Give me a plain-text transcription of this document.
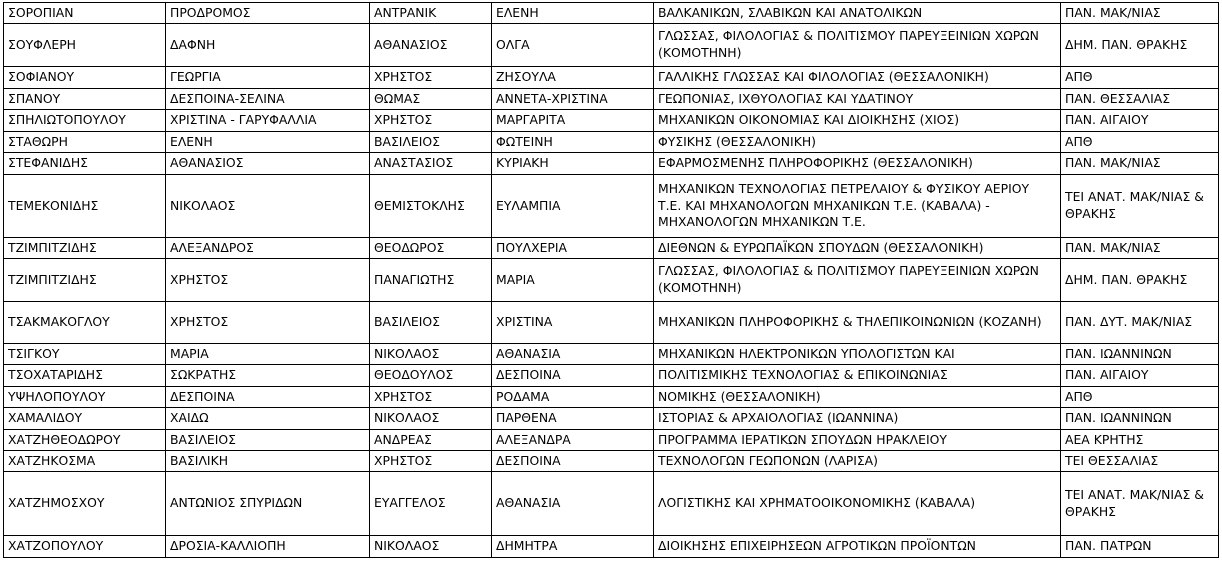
ΣΟΡΟΠΙΑΝ	ΠΡΟΔΡΟΜΟΣ	ΑΝΤΡΑΝΙΚ	ΕΛΕΝΗ	ΒΑΛΚΑΝΙΚΩΝ, ΣΛΑΒΙΚΩΝ ΚΑΙ ΑΝΑΤΟΛΙΚΩΝ	ΠΑΝ. ΜΑΚ/ΝΙΑΣ
ΣΟΥΦΛΕΡΗ	ΔΑΦΝΗ	ΑΘΑΝΑΣΙΟΣ	ΟΛΓΑ	ΓΛΩΣΣΑΣ, ΦΙΛΟΛΟΓΙΑΣ & ΠΟΛΙΤΙΣΜΟΥ ΠΑΡΕΥΞΕΙΝΙΩΝ ΧΩΡΩΝ (ΚΟΜΟΤΗΝΗ)	ΔΗΜ. ΠΑΝ. ΘΡΑΚΗΣ
ΣΟΦΙΑΝΟΥ	ΓΕΩΡΓΙΑ	ΧΡΗΣΤΟΣ	ΖΗΣΟΥΛΑ	ΓΑΛΛΙΚΗΣ ΓΛΩΣΣΑΣ ΚΑΙ ΦΙΛΟΛΟΓΙΑΣ (ΘΕΣΣΑΛΟΝΙΚΗ)	ΑΠΘ
ΣΠΑΝΟΥ	ΔΕΣΠΟΙΝΑ-ΣΕΛΙΝΑ	ΘΩΜΑΣ	ΑΝΝΕΤΑ-ΧΡΙΣΤΙΝΑ	ΓΕΩΠΟΝΙΑΣ, ΙΧΘΥΟΛΟΓΙΑΣ ΚΑΙ ΥΔΑΤΙΝΟΥ	ΠΑΝ. ΘΕΣΣΑΛΙΑΣ
ΣΠΗΛΙΩΤΟΠΟΥΛΟΥ	ΧΡΙΣΤΙΝΑ - ΓΑΡΥΦΑΛΛΙΑ	ΧΡΗΣΤΟΣ	ΜΑΡΓΑΡΙΤΑ	ΜΗΧΑΝΙΚΩΝ ΟΙΚΟΝΟΜΙΑΣ ΚΑΙ ΔΙΟΙΚΗΣΗΣ (ΧΙΟΣ)	ΠΑΝ. ΑΙΓΑΙΟΥ
ΣΤΑΘΩΡΗ	ΕΛΕΝΗ	ΒΑΣΙΛΕΙΟΣ	ΦΩΤΕΙΝΗ	ΦΥΣΙΚΗΣ (ΘΕΣΣΑΛΟΝΙΚΗ)	ΑΠΘ
ΣΤΕΦΑΝΙΔΗΣ	ΑΘΑΝΑΣΙΟΣ	ΑΝΑΣΤΑΣΙΟΣ	ΚΥΡΙΑΚΗ	ΕΦΑΡΜΟΣΜΕΝΗΣ ΠΛΗΡΟΦΟΡΙΚΗΣ (ΘΕΣΣΑΛΟΝΙΚΗ)	ΠΑΝ. ΜΑΚ/ΝΙΑΣ
ΤΕΜΕΚΟΝΙΔΗΣ	ΝΙΚΟΛΑΟΣ	ΘΕΜΙΣΤΟΚΛΗΣ	ΕΥΛΑΜΠΙΑ	ΜΗΧΑΝΙΚΩΝ ΤΕΧΝΟΛΟΓΙΑΣ ΠΕΤΡΕΛΑΙΟΥ & ΦΥΣΙΚΟΥ ΑΕΡΙΟΥ Τ.Ε. ΚΑΙ ΜΗΧΑΝΟΛΟΓΩΝ ΜΗΧΑΝΙΚΩΝ Τ.Ε. (ΚΑΒΑΛΑ) - ΜΗΧΑΝΟΛΟΓΩΝ ΜΗΧΑΝΙΚΩΝ Τ.Ε.	ΤΕΙ ΑΝΑΤ. ΜΑΚ/ΝΙΑΣ & ΘΡΑΚΗΣ
ΤΖΙΜΠΙΤΖΙΔΗΣ	ΑΛΕΞΑΝΔΡΟΣ	ΘΕΟΔΩΡΟΣ	ΠΟΥΛΧΕΡΙΑ	ΔΙΕΘΝΩΝ & ΕΥΡΩΠΑΪΚΩΝ ΣΠΟΥΔΩΝ (ΘΕΣΣΑΛΟΝΙΚΗ)	ΠΑΝ. ΜΑΚ/ΝΙΑΣ
ΤΖΙΜΠΙΤΖΙΔΗΣ	ΧΡΗΣΤΟΣ	ΠΑΝΑΓΙΩΤΗΣ	ΜΑΡΙΑ	ΓΛΩΣΣΑΣ, ΦΙΛΟΛΟΓΙΑΣ & ΠΟΛΙΤΙΣΜΟΥ ΠΑΡΕΥΞΕΙΝΙΩΝ ΧΩΡΩΝ (ΚΟΜΟΤΗΝΗ)	ΔΗΜ. ΠΑΝ. ΘΡΑΚΗΣ
ΤΣΑΚΜΑΚΟΓΛΟΥ	ΧΡΗΣΤΟΣ	ΒΑΣΙΛΕΙΟΣ	ΧΡΙΣΤΙΝΑ	ΜΗΧΑΝΙΚΩΝ ΠΛΗΡΟΦΟΡΙΚΗΣ & ΤΗΛΕΠΙΚΟΙΝΩΝΙΩΝ (ΚΟΖΑΝΗ)	ΠΑΝ. ΔΥΤ. ΜΑΚ/ΝΙΑΣ
ΤΣΙΓΚΟΥ	ΜΑΡΙΑ	ΝΙΚΟΛΑΟΣ	ΑΘΑΝΑΣΙΑ	ΜΗΧΑΝΙΚΩΝ ΗΛΕΚΤΡΟΝΙΚΩΝ ΥΠΟΛΟΓΙΣΤΩΝ ΚΑΙ	ΠΑΝ. ΙΩΑΝΝΙΝΩΝ
ΤΣΟΧΑΤΑΡΙΔΗΣ	ΣΩΚΡΑΤΗΣ	ΘΕΟΔΟΥΛΟΣ	ΔΕΣΠΟΙΝΑ	ΠΟΛΙΤΙΣΜΙΚΗΣ ΤΕΧΝΟΛΟΓΙΑΣ & ΕΠΙΚΟΙΝΩΝΙΑΣ	ΠΑΝ. ΑΙΓΑΙΟΥ
ΥΨΗΛΟΠΟΥΛΟΥ	ΔΕΣΠΟΙΝΑ	ΧΡΗΣΤΟΣ	ΡΟΔΑΜΑ	ΝΟΜΙΚΗΣ (ΘΕΣΣΑΛΟΝΙΚΗ)	ΑΠΘ
ΧΑΜΑΛΙΔΟΥ	ΧΑΙΔΩ	ΝΙΚΟΛΑΟΣ	ΠΑΡΘΕΝΑ	ΙΣΤΟΡΙΑΣ & ΑΡΧΑΙΟΛΟΓΙΑΣ (ΙΩΑΝΝΙΝΑ)	ΠΑΝ. ΙΩΑΝΝΙΝΩΝ
ΧΑΤΖΗΘΕΟΔΩΡΟΥ	ΒΑΣΙΛΕΙΟΣ	ΑΝΔΡΕΑΣ	ΑΛΕΞΑΝΔΡΑ	ΠΡΟΓΡΑΜΜΑ ΙΕΡΑΤΙΚΩΝ ΣΠΟΥΔΩΝ ΗΡΑΚΛΕΙΟΥ	ΑΕΑ ΚΡΗΤΗΣ
ΧΑΤΖΗΚΟΣΜΑ	ΒΑΣΙΛΙΚΗ	ΧΡΗΣΤΟΣ	ΔΕΣΠΟΙΝΑ	ΤΕΧΝΟΛΟΓΩΝ ΓΕΩΠΟΝΩΝ (ΛΑΡΙΣΑ)	ΤΕΙ ΘΕΣΣΑΛΙΑΣ
ΧΑΤΖΗΜΟΣΧΟΥ	ΑΝΤΩΝΙΟΣ ΣΠΥΡΙΔΩΝ	ΕΥΑΓΓΕΛΟΣ	ΑΘΑΝΑΣΙΑ	ΛΟΓΙΣΤΙΚΗΣ ΚΑΙ ΧΡΗΜΑΤΟΟΙΚΟΝΟΜΙΚΗΣ (ΚΑΒΑΛΑ)	ΤΕΙ ΑΝΑΤ. ΜΑΚ/ΝΙΑΣ & ΘΡΑΚΗΣ
ΧΑΤΖΟΠΟΥΛΟΥ	ΔΡΟΣΙΑ-ΚΑΛΛΙΟΠΗ	ΝΙΚΟΛΑΟΣ	ΔΗΜΗΤΡΑ	ΔΙΟΙΚΗΣΗΣ ΕΠΙΧΕΙΡΗΣΕΩΝ ΑΓΡΟΤΙΚΩΝ ΠΡΟΪΟΝΤΩΝ	ΠΑΝ. ΠΑΤΡΩΝ
